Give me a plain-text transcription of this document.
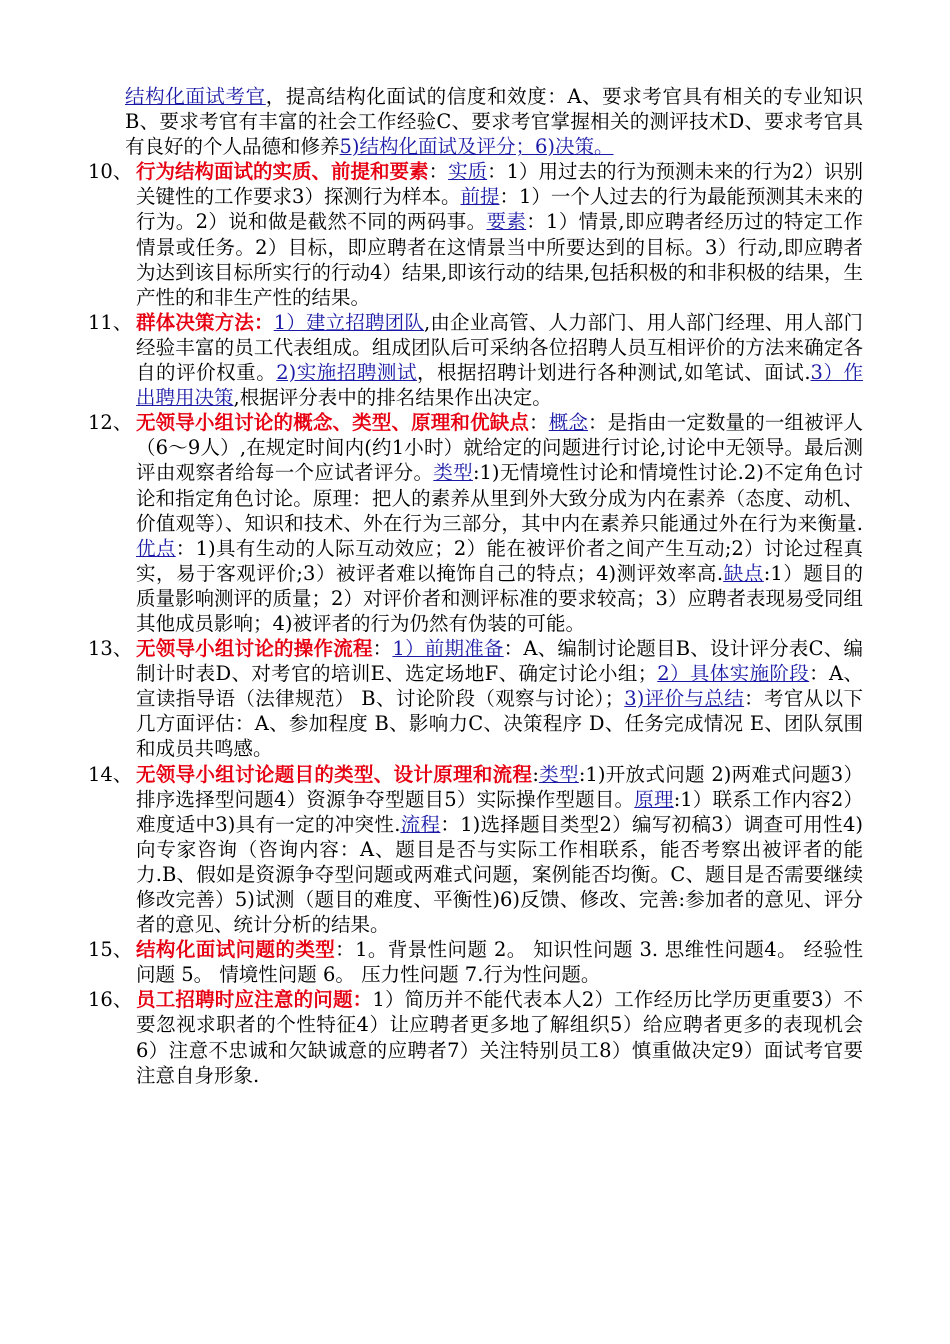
结构化面试考官，提高结构化面试的信度和效度：A、要求考官具有相关的专业知识B、要求考官有丰富的社会工作经验C、要求考官掌握相关的测评技术D、要求考官具有良好的个人品德和修养5)结构化面试及评分；6)决策。

10、 行为结构面试的实质、前提和要素：实质：1）用过去的行为预测未来的行为2）识别关键性的工作要求3）探测行为样本。前提：1）一个人过去的行为最能预测其未来的行为。2）说和做是截然不同的两码事。要素：1）情景,即应聘者经历过的特定工作情景或任务。2）目标，即应聘者在这情景当中所要达到的目标。3）行动,即应聘者为达到该目标所实行的行动4）结果,即该行动的结果,包括积极的和非积极的结果，生产性的和非生产性的结果。

11、 群体决策方法：1）建立招聘团队,由企业高管、人力部门、用人部门经理、用人部门经验丰富的员工代表组成。组成团队后可采纳各位招聘人员互相评价的方法来确定各自的评价权重。2)实施招聘测试，根据招聘计划进行各种测试,如笔试、面试.3）作出聘用决策,根据评分表中的排名结果作出决定。

12、 无领导小组讨论的概念、类型、原理和优缺点：概念：是指由一定数量的一组被评人（6～9人）,在规定时间内(约1小时）就给定的问题进行讨论,讨论中无领导。最后测评由观察者给每一个应试者评分。类型:1)无情境性讨论和情境性讨论.2)不定角色讨论和指定角色讨论。原理：把人的素养从里到外大致分成为内在素养（态度、动机、价值观等）、知识和技术、外在行为三部分，其中内在素养只能通过外在行为来衡量.优点：1)具有生动的人际互动效应；2）能在被评价者之间产生互动;2）讨论过程真实，易于客观评价;3）被评者难以掩饰自己的特点；4)测评效率高.缺点:1）题目的质量影响测评的质量；2）对评价者和测评标准的要求较高；3）应聘者表现易受同组其他成员影响；4)被评者的行为仍然有伪装的可能。

13、 无领导小组讨论的操作流程：1）前期准备：A、编制讨论题目B、设计评分表C、编制计时表D、对考官的培训E、选定场地F、确定讨论小组；2）具体实施阶段：A、宣读指导语（法律规范） B、讨论阶段（观察与讨论）；3)评价与总结：考官从以下几方面评估：A、参加程度 B、影响力C、决策程序 D、任务完成情况 E、团队氛围和成员共鸣感。

14、 无领导小组讨论题目的类型、设计原理和流程:类型:1)开放式问题 2)两难式问题3）排序选择型问题4）资源争夺型题目5）实际操作型题目。原理:1）联系工作内容2）难度适中3)具有一定的冲突性.流程：1)选择题目类型2）编写初稿3）调查可用性4)向专家咨询（咨询内容：A、题目是否与实际工作相联系，能否考察出被评者的能力.B、假如是资源争夺型问题或两难式问题，案例能否均衡。C、题目是否需要继续修改完善）5)试测（题目的难度、平衡性)6)反馈、修改、完善:参加者的意见、评分者的意见、统计分析的结果。

15、 结构化面试问题的类型：1。背景性问题 2。 知识性问题 3. 思维性问题4。 经验性问题 5。 情境性问题 6。 压力性问题 7.行为性问题。

16、 员工招聘时应注意的问题：1）简历并不能代表本人2）工作经历比学历更重要3）不要忽视求职者的个性特征4）让应聘者更多地了解组织5）给应聘者更多的表现机会6）注意不忠诚和欠缺诚意的应聘者7）关注特别员工8）慎重做决定9）面试考官要注意自身形象.
